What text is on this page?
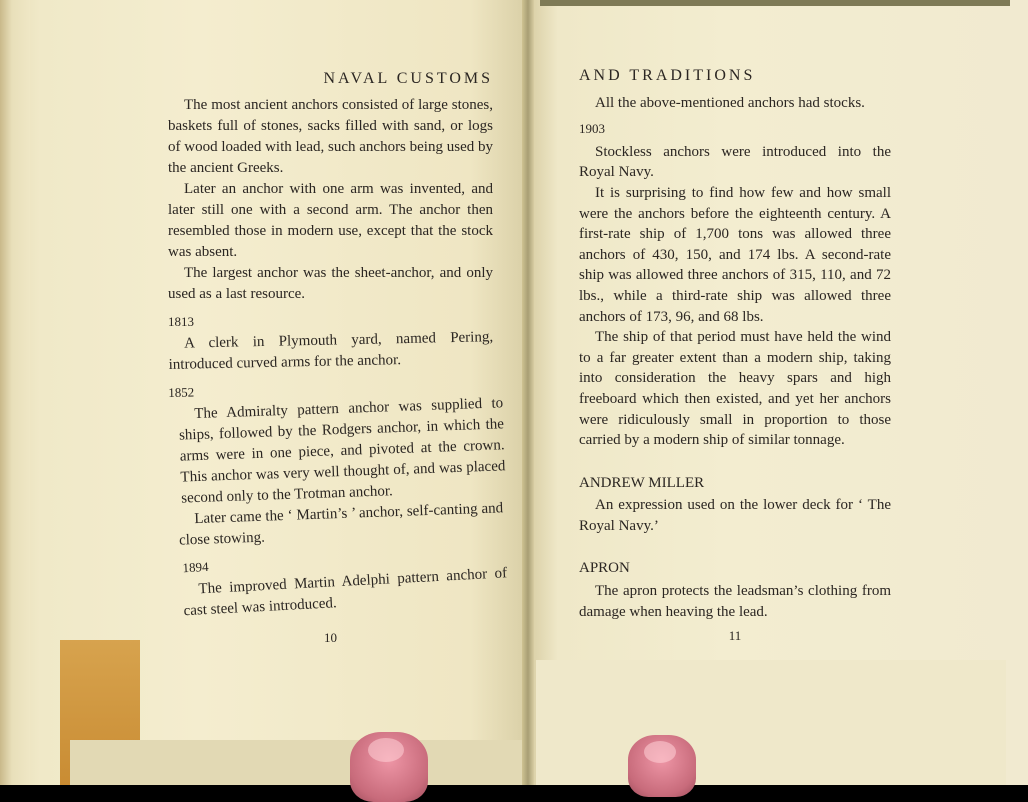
NAVAL CUSTOMS

The most ancient anchors consisted of large stones, baskets full of stones, sacks filled with sand, or logs of wood loaded with lead, such anchors being used by the ancient Greeks.

Later an anchor with one arm was invented, and later still one with a second arm. The anchor then resembled those in modern use, except that the stock was absent.

The largest anchor was the sheet-anchor, and only used as a last resource.

1813

A clerk in Plymouth yard, named Pering, introduced curved arms for the anchor.

1852

The Admiralty pattern anchor was supplied to ships, followed by the Rodgers anchor, in which the arms were in one piece, and pivoted at the crown. This anchor was very well thought of, and was placed second only to the Trotman anchor.

Later came the ‘ Martin’s ’ anchor, self-canting and close stowing.

1894

The improved Martin Adelphi pattern anchor of cast steel was introduced.

10
AND TRADITIONS

All the above-mentioned anchors had stocks.

1903

Stockless anchors were introduced into the Royal Navy.

It is surprising to find how few and how small were the anchors before the eighteenth century. A first-rate ship of 1,700 tons was allowed three anchors of 430, 150, and 174 lbs. A second-rate ship was allowed three anchors of 315, 110, and 72 lbs., while a third-rate ship was allowed three anchors of 173, 96, and 68 lbs.

The ship of that period must have held the wind to a far greater extent than a modern ship, taking into consideration the heavy spars and high freeboard which then existed, and yet her anchors were ridiculously small in proportion to those carried by a modern ship of similar tonnage.

ANDREW MILLER

An expression used on the lower deck for ‘ The Royal Navy.’

APRON

The apron protects the leadsman’s clothing from damage when heaving the lead.

11
